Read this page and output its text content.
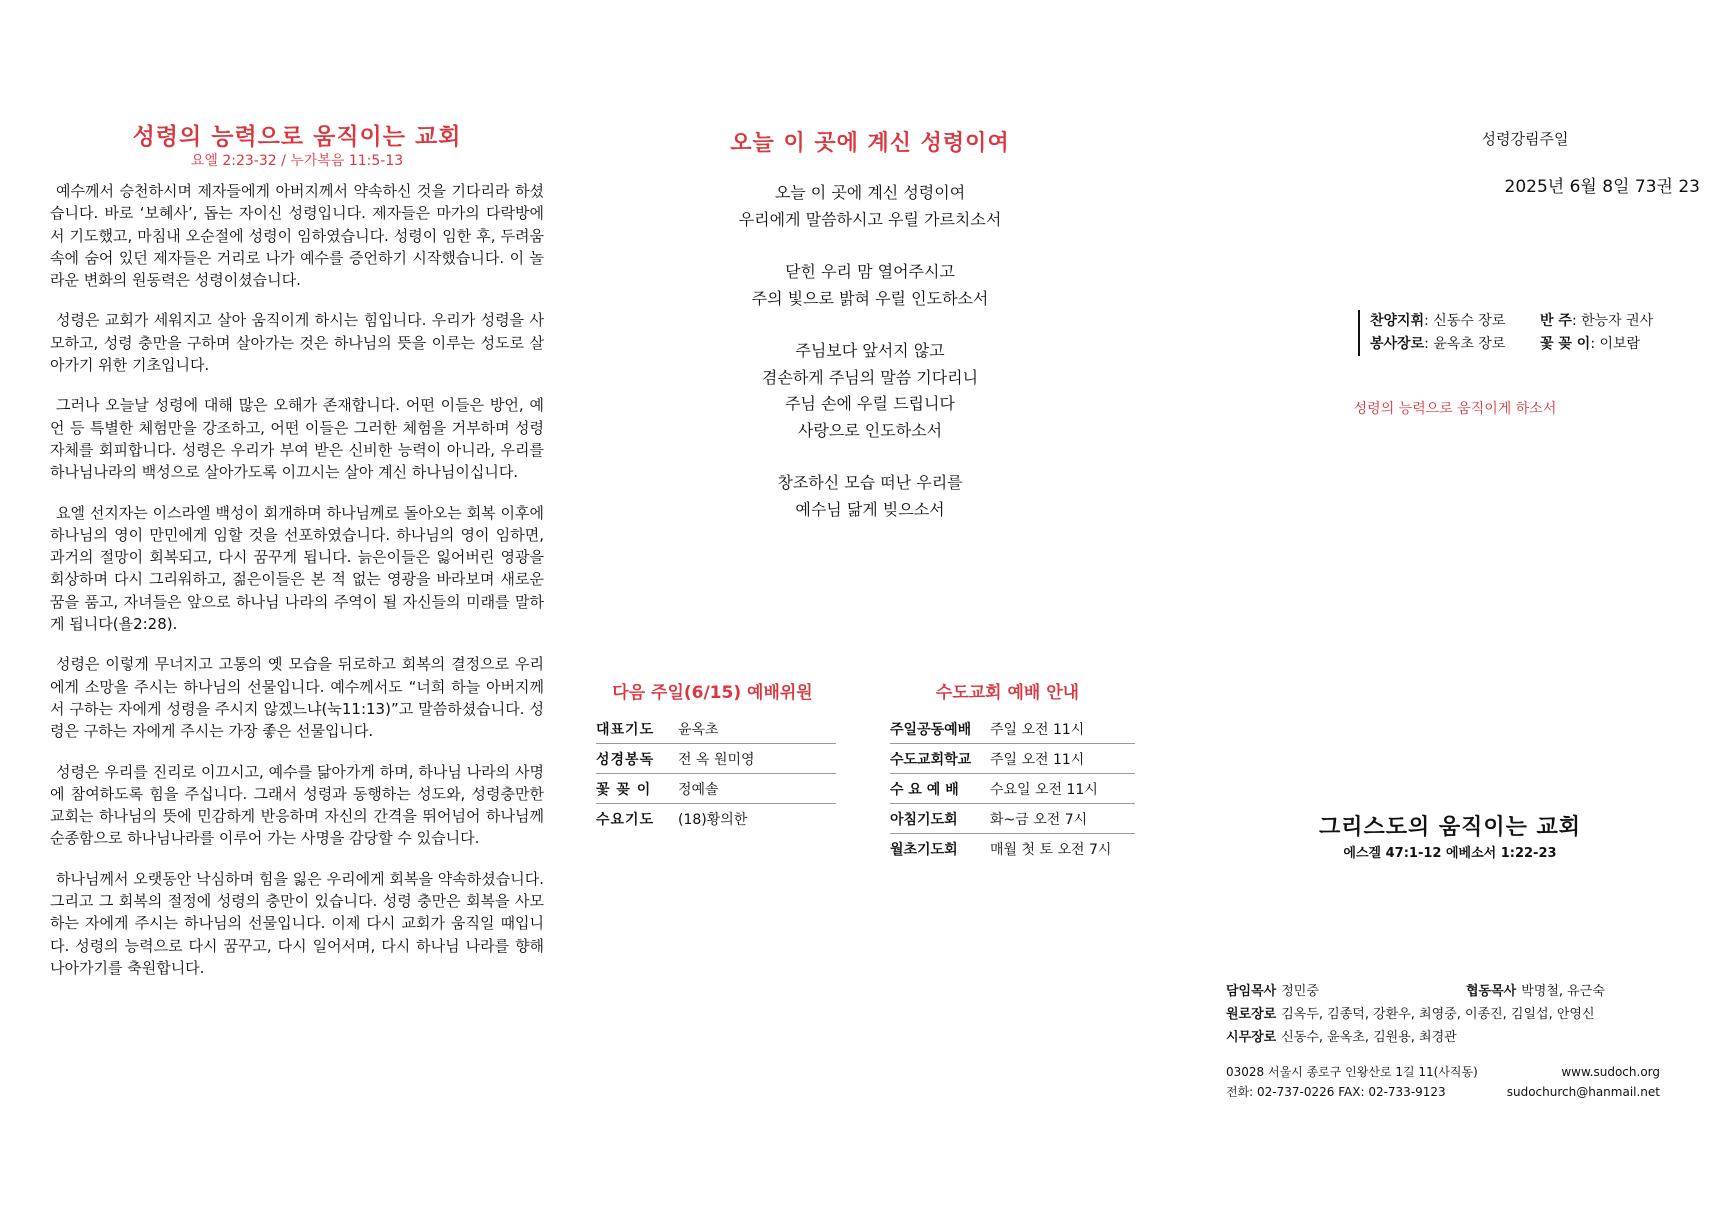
성령의 능력으로 움직이는 교회
요엘 2:23-32 / 누가복음 11:5-13

예수께서 승천하시며 제자들에게 아버지께서 약속하신 것을 기다리라 하셨습니다. 바로 ‘보혜사’, 돕는 자이신 성령입니다. 제자들은 마가의 다락방에서 기도했고, 마침내 오순절에 성령이 임하였습니다. 성령이 임한 후, 두려움 속에 숨어 있던 제자들은 거리로 나가 예수를 증언하기 시작했습니다. 이 놀라운 변화의 원동력은 성령이셨습니다.

성령은 교회가 세워지고 살아 움직이게 하시는 힘입니다. 우리가 성령을 사모하고, 성령 충만을 구하며 살아가는 것은 하나님의 뜻을 이루는 성도로 살아가기 위한 기초입니다.

그러나 오늘날 성령에 대해 많은 오해가 존재합니다. 어떤 이들은 방언, 예언 등 특별한 체험만을 강조하고, 어떤 이들은 그러한 체험을 거부하며 성령 자체를 회피합니다. 성령은 우리가 부여 받은 신비한 능력이 아니라, 우리를 하나님나라의 백성으로 살아가도록 이끄시는 살아 계신 하나님이십니다.

요엘 선지자는 이스라엘 백성이 회개하며 하나님께로 돌아오는 회복 이후에 하나님의 영이 만민에게 임할 것을 선포하였습니다. 하나님의 영이 임하면, 과거의 절망이 회복되고, 다시 꿈꾸게 됩니다. 늙은이들은 잃어버린 영광을 회상하며 다시 그리워하고, 젊은이들은 본 적 없는 영광을 바라보며 새로운 꿈을 품고, 자녀들은 앞으로 하나님 나라의 주역이 될 자신들의 미래를 말하게 됩니다(욜2:28).

성령은 이렇게 무너지고 고통의 옛 모습을 뒤로하고 회복의 결정으로 우리에게 소망을 주시는 하나님의 선물입니다. 예수께서도 “너희 하늘 아버지께서 구하는 자에게 성령을 주시지 않겠느냐(눅11:13)”고 말씀하셨습니다. 성령은 구하는 자에게 주시는 가장 좋은 선물입니다.

성령은 우리를 진리로 이끄시고, 예수를 닮아가게 하며, 하나님 나라의 사명에 참여하도록 힘을 주십니다. 그래서 성령과 동행하는 성도와, 성령충만한 교회는 하나님의 뜻에 민감하게 반응하며 자신의 간격을 뛰어넘어 하나님께 순종함으로 하나님나라를 이루어 가는 사명을 감당할 수 있습니다.

하나님께서 오랫동안 낙심하며 힘을 잃은 우리에게 회복을 약속하셨습니다. 그리고 그 회복의 절정에 성령의 충만이 있습니다. 성령 충만은 회복을 사모하는 자에게 주시는 하나님의 선물입니다. 이제 다시 교회가 움직일 때입니다. 성령의 능력으로 다시 꿈꾸고, 다시 일어서며, 다시 하나님 나라를 향해 나아가기를 축원합니다.

오늘 이 곳에 계신 성령이여
오늘 이 곳에 계신 성령이여
우리에게 말씀하시고 우릴 가르치소서
닫힌 우리 맘 열어주시고
주의 빛으로 밝혀 우릴 인도하소서
주님보다 앞서지 않고
겸손하게 주님의 말씀 기다리니
주님 손에 우릴 드립니다
사랑으로 인도하소서
창조하신 모습 떠난 우리를
예수님 닮게 빚으소서
다음 주일(6/15) 예배위원
대표기도	윤옥초
성경봉독	전 옥 원미영
꽃 꽂 이	정예솔
수요기도	(18)황의한
수도교회 예배 안내
주일공동예배	주일 오전 11시
수도교회학교	주일 오전 11시
수 요 예 배	수요일 오전 11시
아침기도회	화~금 오전 7시
월초기도회	매월 첫 토 오전 7시
성령강림주일
2025년 6월 8일 73권 23
찬양지휘: 신동수 장로	반 주: 한능자 권사
봉사장로: 윤옥초 장로	꽃 꽂 이: 이보람
성령의 능력으로 움직이게 하소서
그리스도의 움직이는 교회
에스겔 47:1-12 에베소서 1:22-23
담임목사 정민중	협동목사 박명철, 유근숙
원로장로 김옥두, 김종덕, 강환우, 최영중, 이종진, 김일섭, 안영신
시무장로 신동수, 윤옥초, 김원용, 최경관
03028 서울시 종로구 인왕산로 1길 11(사직동)	www.sudoch.org
전화: 02-737-0226 FAX: 02-733-9123	sudochurch@hanmail.net
